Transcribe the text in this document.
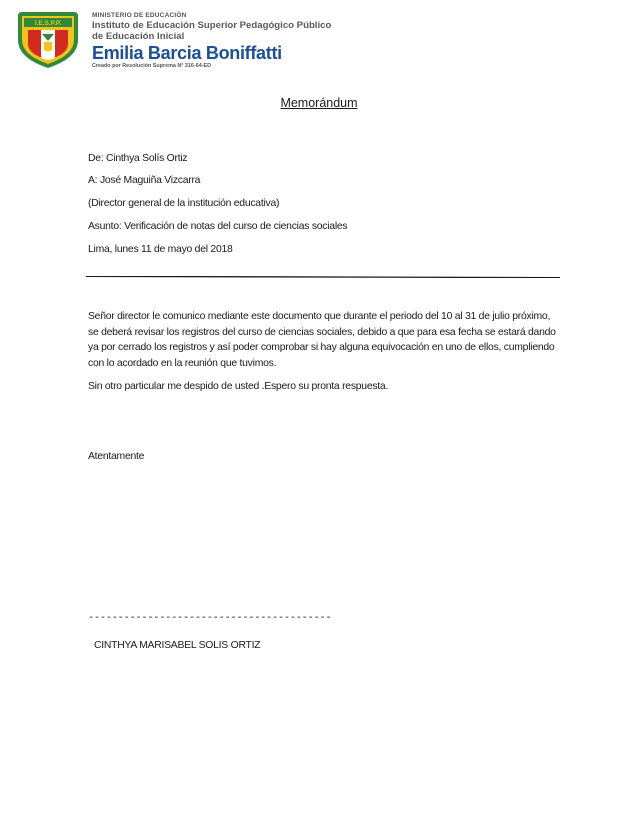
I.E.S.P.P.
MINISTERIO DE EDUCACIÓN
Instituto de Educación Superior Pedagógico Público
de Educación Inicial
Emilia Barcia Boniffatti
Creado por Resolución Suprema N° 316-64-ED
Memorándum
De: Cinthya Solís Ortiz
A: José Maguiña Vizcarra
(Director general de la institución educativa)
Asunto: Verificación de notas del curso de ciencias sociales
Lima, lunes 11 de mayo del 2018
Señor director le comunico mediante este documento que durante el periodo del 10 al 31 de julio próximo, se deberá revisar los registros del curso de ciencias sociales, debido a que para esa fecha se estará dando ya por cerrado los registros y así poder comprobar si hay alguna equivocación en uno de ellos, cumpliendo con lo acordado en la reunión que tuvimos.
Sin otro particular me despido de usted .Espero su pronta respuesta.
Atentamente
-----------------------------------------
CINTHYA MARISABEL SOLIS ORTIZ
